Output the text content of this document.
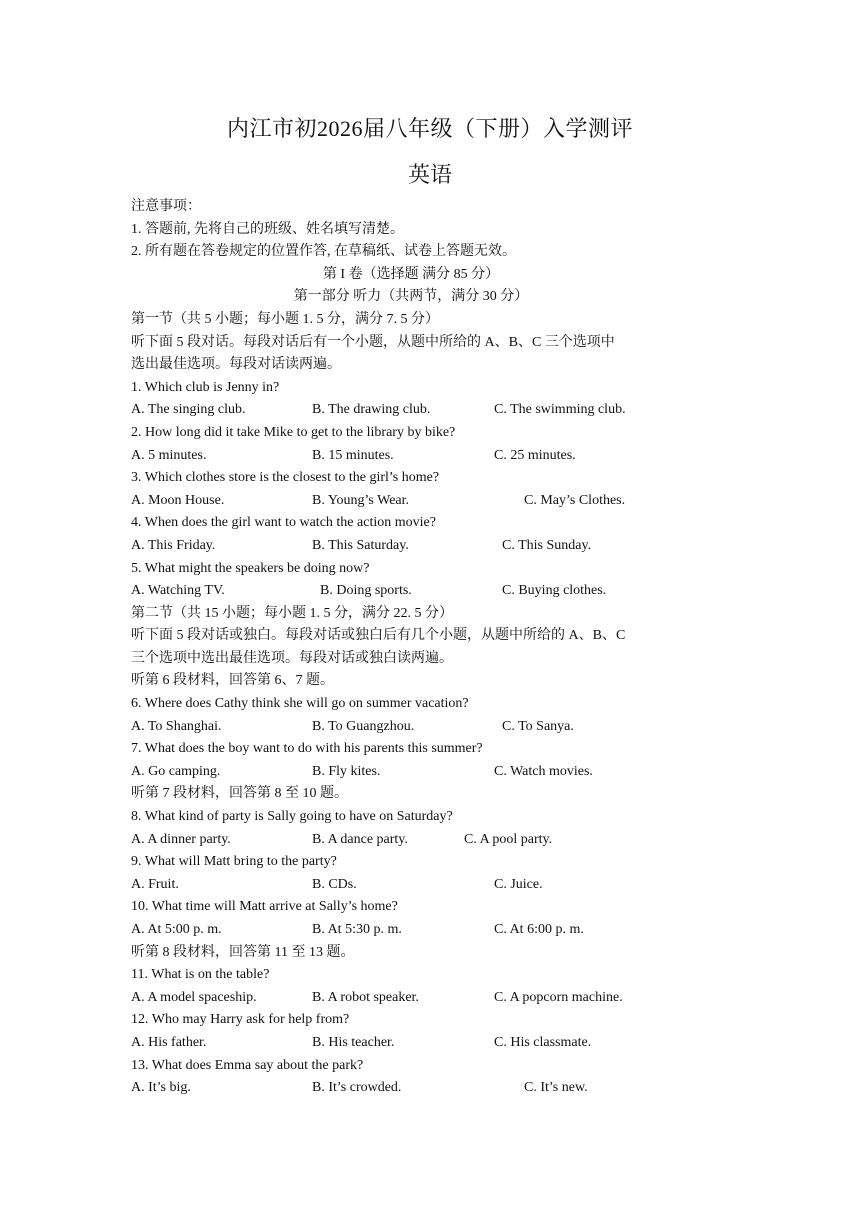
内江市初2026届八年级（下册）入学测评
英语
注意事项：
1. 答题前, 先将自己的班级、姓名填写清楚。
2. 所有题在答卷规定的位置作答, 在草稿纸、试卷上答题无效。
第 I 卷（选择题 满分 85 分）
第一部分 听力（共两节，满分 30 分）
第一节（共 5 小题；每小题 1. 5 分，满分 7. 5 分）
听下面 5 段对话。每段对话后有一个小题，从题中所给的 A、B、C 三个选项中
选出最佳选项。每段对话读两遍。
1. Which club is Jenny in?
A. The singing club.	B. The drawing club.	C. The swimming club.
2. How long did it take Mike to get to the library by bike?
A. 5 minutes.	B. 15 minutes.	C. 25 minutes.
3. Which clothes store is the closest to the girl’s home?
A. Moon House.	B. Young’s Wear.	C. May’s Clothes.
4. When does the girl want to watch the action movie?
A. This Friday.	B. This Saturday.	C. This Sunday.
5. What might the speakers be doing now?
A. Watching TV.	B. Doing sports.	C. Buying clothes.
第二节（共 15 小题；每小题 1. 5 分，满分 22. 5 分）
听下面 5 段对话或独白。每段对话或独白后有几个小题，从题中所给的 A、B、C
三个选项中选出最佳选项。每段对话或独白读两遍。
听第 6 段材料，回答第 6、7 题。
6. Where does Cathy think she will go on summer vacation?
A. To Shanghai.	B. To Guangzhou.	C. To Sanya.
7. What does the boy want to do with his parents this summer?
A. Go camping.	B. Fly kites.	C. Watch movies.
听第 7 段材料，回答第 8 至 10 题。
8. What kind of party is Sally going to have on Saturday?
A. A dinner party.	B. A dance party.	C. A pool party.
9. What will Matt bring to the party?
A. Fruit.	B. CDs.	C. Juice.
10. What time will Matt arrive at Sally’s home?
A. At 5:00 p. m.	B. At 5:30 p. m.	C. At 6:00 p. m.
听第 8 段材料，回答第 11 至 13 题。
11. What is on the table?
A. A model spaceship.	B. A robot speaker.	C. A popcorn machine.
12. Who may Harry ask for help from?
A. His father.	B. His teacher.	C. His classmate.
13. What does Emma say about the park?
A. It’s big.	B. It’s crowded.	C. It’s new.
